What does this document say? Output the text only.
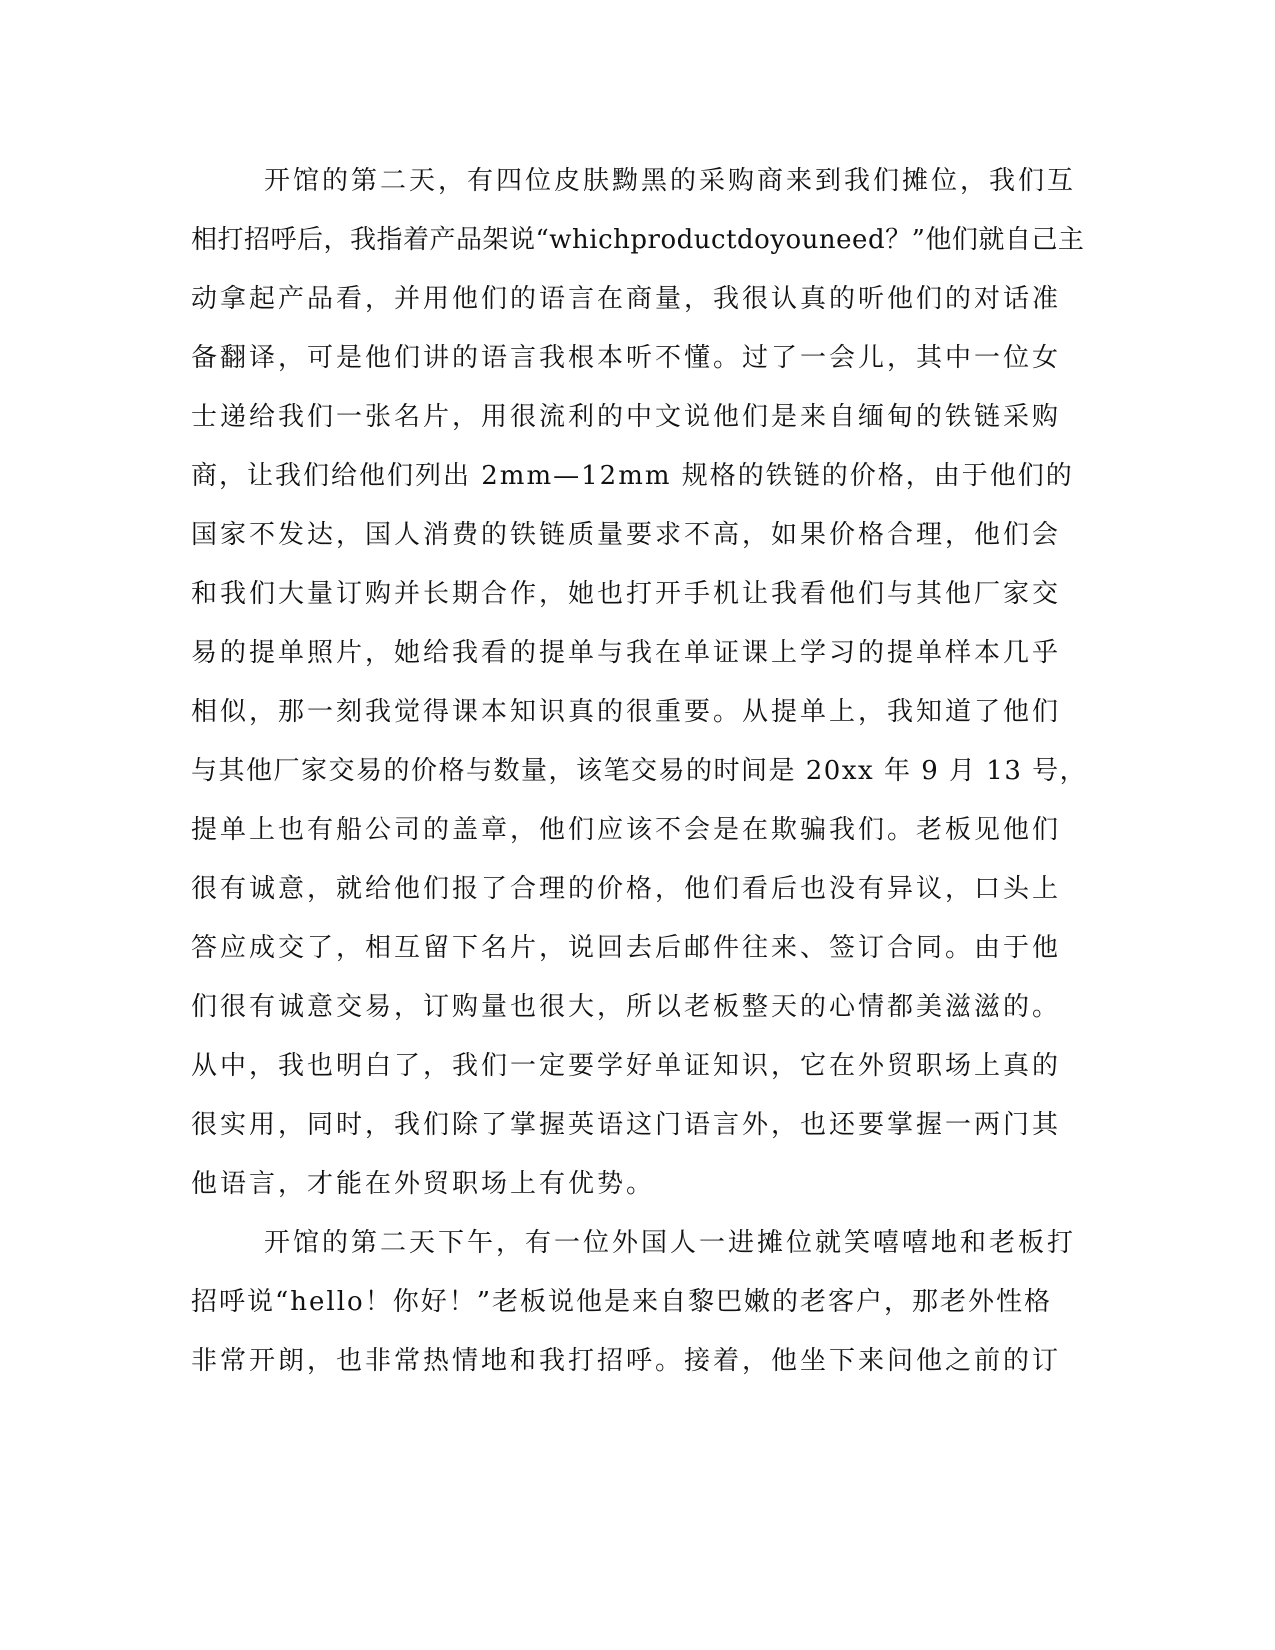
开馆的第二天，有四位皮肤黝黑的采购商来到我们摊位，我们互
相打招呼后，我指着产品架说“whichproductdoyouneed？”他们就自己主
动拿起产品看，并用他们的语言在商量，我很认真的听他们的对话准
备翻译，可是他们讲的语言我根本听不懂。过了一会儿，其中一位女
士递给我们一张名片，用很流利的中文说他们是来自缅甸的铁链采购
商，让我们给他们列出 2mm—12mm 规格的铁链的价格，由于他们的
国家不发达，国人消费的铁链质量要求不高，如果价格合理，他们会
和我们大量订购并长期合作，她也打开手机让我看他们与其他厂家交
易的提单照片，她给我看的提单与我在单证课上学习的提单样本几乎
相似，那一刻我觉得课本知识真的很重要。从提单上，我知道了他们
与其他厂家交易的价格与数量，该笔交易的时间是 20xx 年 9 月 13 号，
提单上也有船公司的盖章，他们应该不会是在欺骗我们。老板见他们
很有诚意，就给他们报了合理的价格，他们看后也没有异议，口头上
答应成交了，相互留下名片，说回去后邮件往来、签订合同。由于他
们很有诚意交易，订购量也很大，所以老板整天的心情都美滋滋的。
从中，我也明白了，我们一定要学好单证知识，它在外贸职场上真的
很实用，同时，我们除了掌握英语这门语言外，也还要掌握一两门其
他语言，才能在外贸职场上有优势。
开馆的第二天下午，有一位外国人一进摊位就笑嘻嘻地和老板打
招呼说“hello！你好！”老板说他是来自黎巴嫩的老客户，那老外性格
非常开朗，也非常热情地和我打招呼。接着，他坐下来问他之前的订
